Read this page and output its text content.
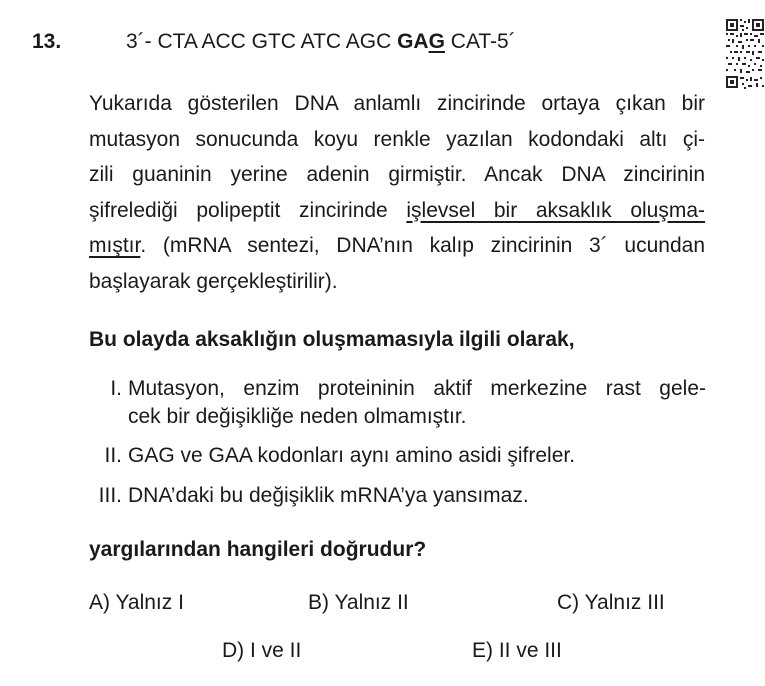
13.	3´- CTA ACC GTC ATC AGC GAG CAT-5´
Yukarıda gösterilen DNA anlamlı zincirinde ortaya çıkan bir
mutasyon sonucunda koyu renkle yazılan kodondaki altı çi-
zili guaninin yerine adenin girmiştir. Ancak DNA zincirinin
şifrelediği polipeptit zincirinde işlevsel bir aksaklık oluşma-
mıştır. (mRNA sentezi, DNA’nın kalıp zincirinin 3´ ucundan
başlayarak gerçekleştirilir).
Bu olayda aksaklığın oluşmamasıyla ilgili olarak,
I. Mutasyon, enzim proteininin aktif merkezine rast gele-
cek bir değişikliğe neden olmamıştır.
II. GAG ve GAA kodonları aynı amino asidi şifreler.
III. DNA’daki bu değişiklik mRNA’ya yansımaz.
yargılarından hangileri doğrudur?
A) Yalnız I	B) Yalnız II	C) Yalnız III
D) I ve II	E) II ve III
